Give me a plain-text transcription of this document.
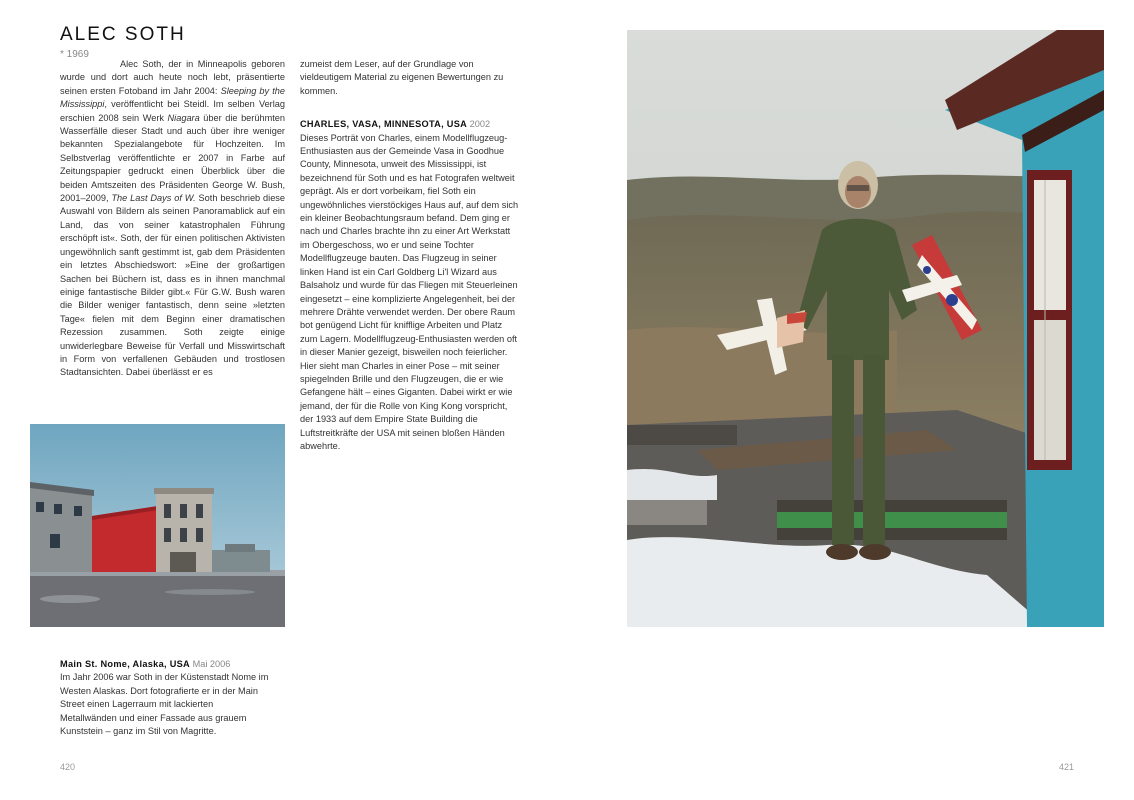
ALEC SOTH
* 1969

Alec Soth, der in Minneapolis geboren wurde und dort auch heute noch lebt, präsentierte seinen ersten Fotoband im Jahr 2004: Sleeping by the Mississippi, veröffentlicht bei Steidl. Im selben Verlag erschien 2008 sein Werk Niagara über die berühmten Wasserfälle dieser Stadt und auch über ihre weniger bekannten Spezialangebote für Hochzeiten. Im Selbstverlag veröffentlichte er 2007 in Farbe auf Zeitungspapier gedruckt einen Überblick über die beiden Amtszeiten des Präsidenten George W. Bush, 2001–2009, The Last Days of W. Soth beschrieb diese Auswahl von Bildern als seinen Panoramablick auf ein Land, das von seiner katastrophalen Führung erschöpft ist«. Soth, der für einen politischen Aktivisten ungewöhnlich sanft gestimmt ist, gab dem Präsidenten ein letztes Abschiedswort: »Eine der großartigen Sachen bei Büchern ist, dass es in ihnen manchmal einige fantastische Bilder gibt.« Für G.W. Bush waren die Bilder weniger fantastisch, denn seine »letzten Tage« fielen mit dem Beginn einer dramatischen Rezession zusammen. Soth zeigte einige unwiderlegbare Beweise für Verfall und Misswirtschaft in Form von verfallenen Gebäuden und trostlosen Stadtansichten. Dabei überlässt er es

zumeist dem Leser, auf der Grundlage von vieldeutigem Material zu eigenen Bewertungen zu kommen.

CHARLES, VASA, MINNESOTA, USA 2002

Dieses Porträt von Charles, einem Modellflugzeug-Enthusiasten aus der Gemeinde Vasa in Goodhue County, Minnesota, unweit des Mississippi, ist bezeichnend für Soth und es hat Fotografen weltweit geprägt. Als er dort vorbeikam, fiel Soth ein ungewöhnliches vierstöckiges Haus auf, auf dem sich ein kleiner Beobachtungsraum befand. Dem ging er nach und Charles brachte ihn zu einer Art Werkstatt im Obergeschoss, wo er und seine Tochter Modellflugzeuge bauten. Das Flugzeug in seiner linken Hand ist ein Carl Goldberg Li'l Wizard aus Balsaholz und wurde für das Fliegen mit Steuerleinen eingesetzt – eine komplizierte Angelegenheit, bei der mehrere Drähte verwendet werden. Der obere Raum bot genügend Licht für knifflige Arbeiten und Platz zum Lagern. Modellflugzeug-Enthusiasten werden oft in dieser Manier gezeigt, bisweilen noch feierlicher. Hier sieht man Charles in einer Pose – mit seiner spiegelnden Brille und den Flugzeugen, die er wie Gefangene hält – eines Giganten. Dabei wirkt er wie jemand, der für die Rolle von King Kong vorspricht, der 1933 auf dem Empire State Building die Luftstreitkräfte der USA mit seinen bloßen Händen abwehrte.

Main St. Nome, Alaska, USA Mai 2006

Im Jahr 2006 war Soth in der Küstenstadt Nome im Westen Alaskas. Dort fotografierte er in der Main Street einen Lagerraum mit lackierten Metallwänden und einer Fassade aus grauem Kunststein – ganz im Stil von Magritte.

420	421
